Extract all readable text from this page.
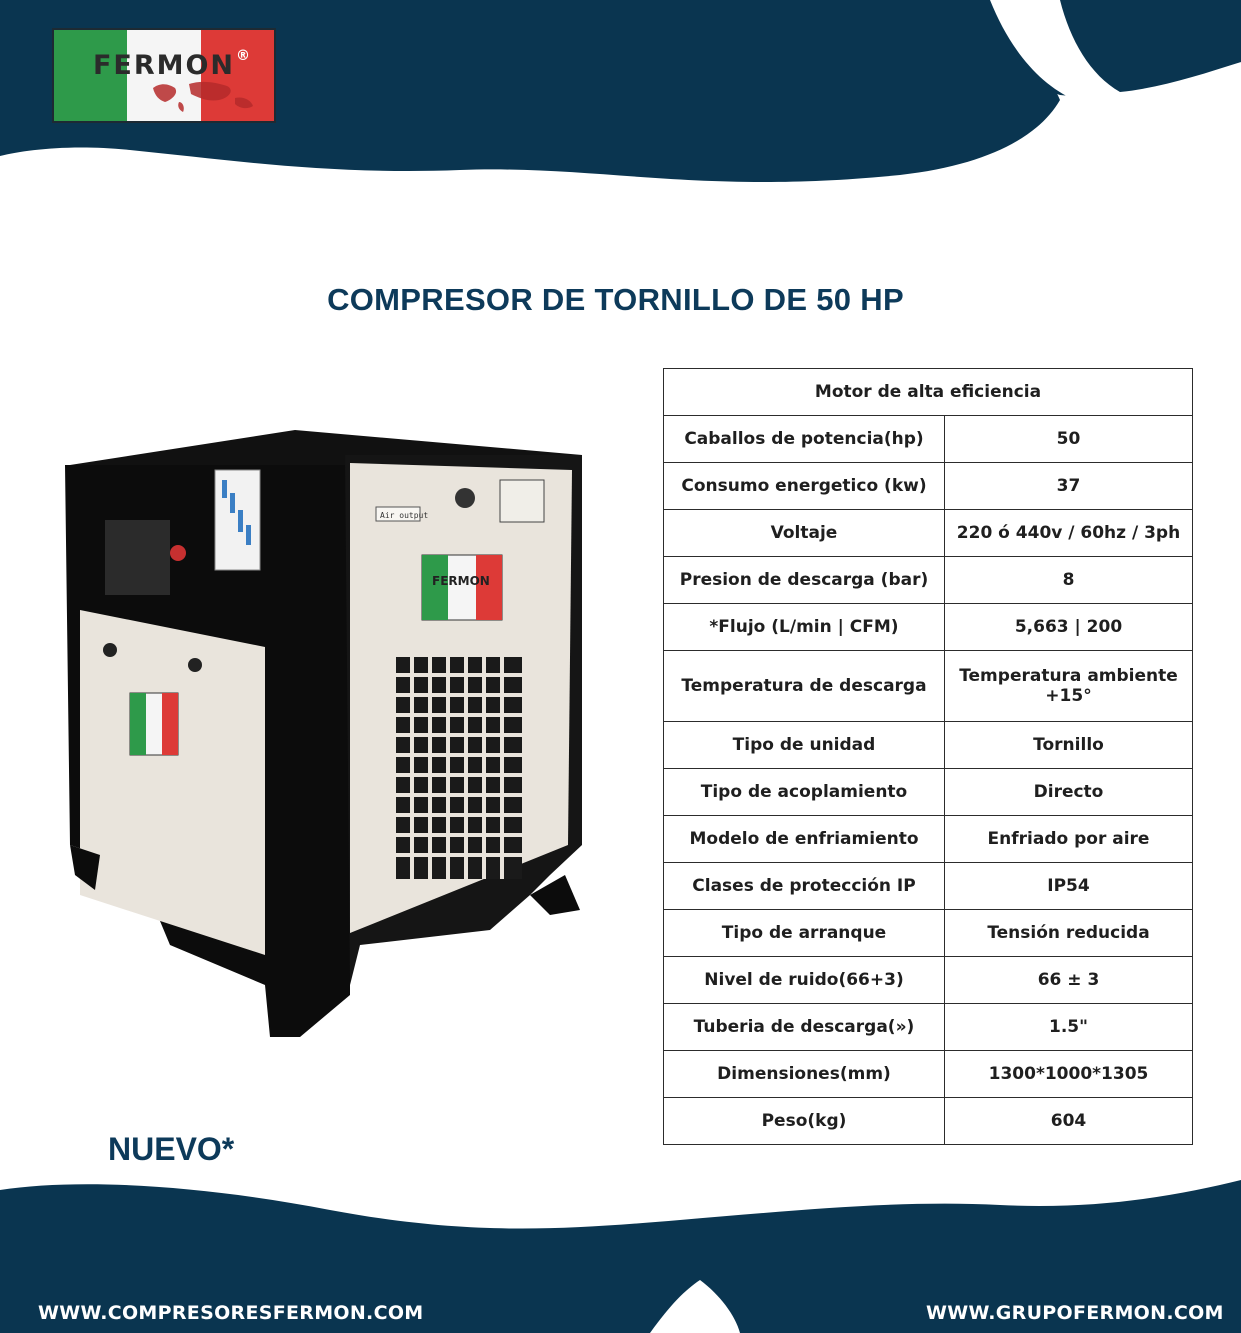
FERMON ®
COMPRESOR DE TORNILLO DE 50 HP
Air output
FERMON
Motor de alta eficiencia	
Caballos de potencia(hp)	50
Consumo energetico (kw)	37
Voltaje	220 ó 440v / 60hz / 3ph
Presion de descarga (bar)	8
*Flujo (L/min | CFM)	5,663 | 200
Temperatura de descarga	Temperatura ambiente +15°
Tipo de unidad	Tornillo
Tipo de acoplamiento	Directo
Modelo de enfriamiento	Enfriado por aire
Clases de protección IP	IP54
Tipo de arranque	Tensión reducida
Nivel de ruido(66+3)	66 ± 3
Tuberia de descarga(»)	1.5"
Dimensiones(mm)	1300*1000*1305
Peso(kg)	604
NUEVO*
WWW.COMPRESORESFERMON.COM	WWW.GRUPOFERMON.COM
